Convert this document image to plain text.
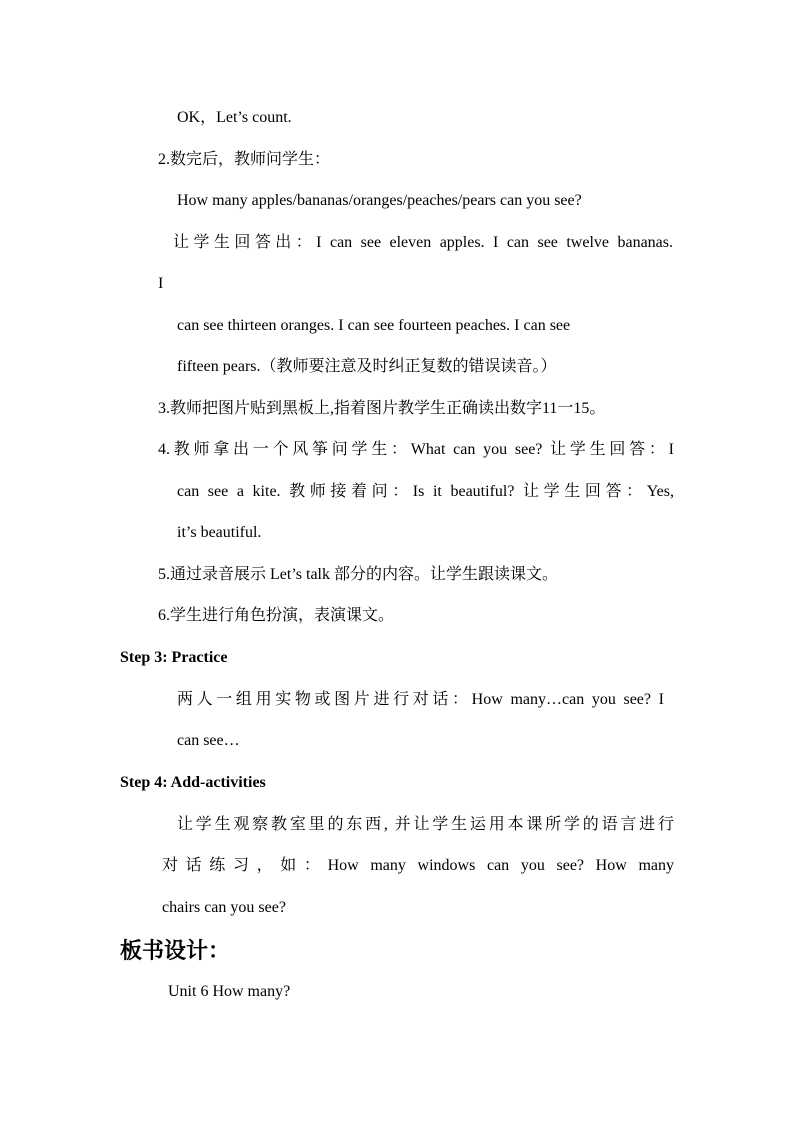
OK，Let’s count.
2.数完后，教师问学生：
How many apples/bananas/oranges/peaches/pears can you see?
让学生回答出：I can see eleven apples. I can see twelve bananas.
I
can see thirteen oranges. I can see fourteen peaches. I can see
fifteen pears.（教师要注意及时纠正复数的错误读音。）
3.教师把图片贴到黑板上,指着图片教学生正确读出数字11一15。
4.教师拿出一个风筝问学生：What can you see? 让学生回答：I
can see a kite. 教师接着问：Is it beautiful? 让学生回答：Yes,
it’s beautiful.
5.通过录音展示 Let’s talk 部分的内容。让学生跟读课文。
6.学生进行角色扮演，表演课文。
Step 3: Practice
两人一组用实物或图片进行对话：How many…can you see? I
can see…
Step 4: Add-activities
让学生观察教室里的东西, 并让学生运用本课所学的语言进行
对话练习，如：How many windows can you see? How many
chairs can you see?
板书设计：
Unit 6 How many?
